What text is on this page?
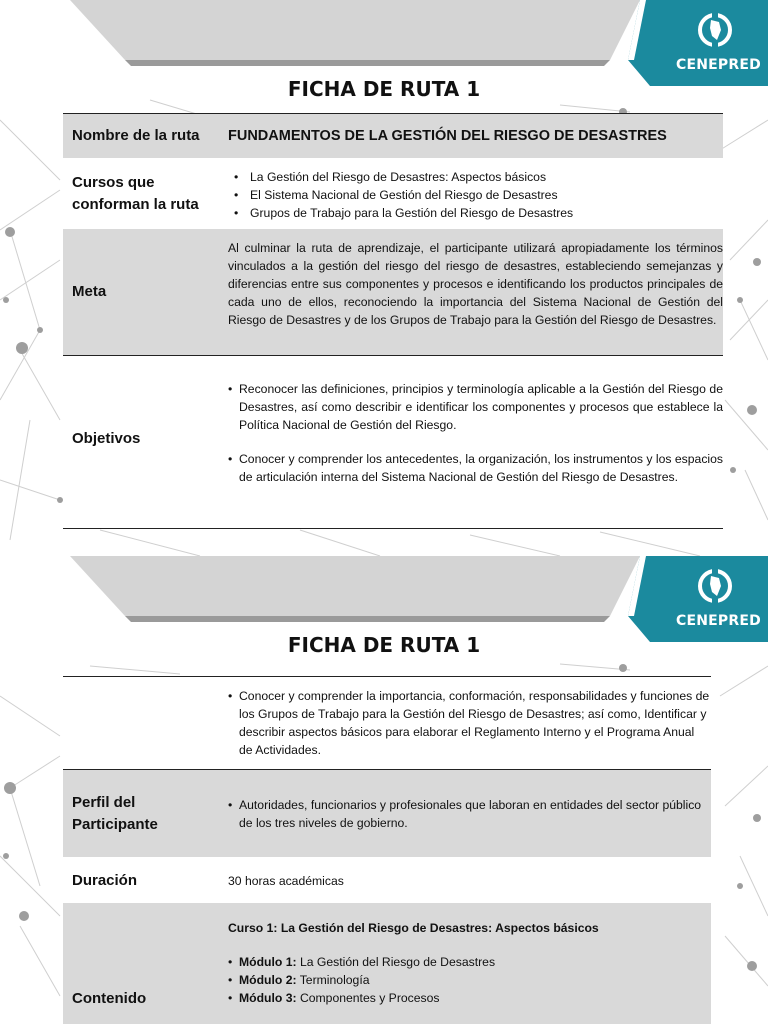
CENEPRED
FICHA DE RUTA 1
Nombre de la ruta FUNDAMENTOS DE LA GESTIÓN DEL RIESGO DE DESASTRES
Cursos que conforman la ruta
• La Gestión del Riesgo de Desastres: Aspectos básicos
• El Sistema Nacional de Gestión del Riesgo de Desastres
• Grupos de Trabajo para la Gestión del Riesgo de Desastres
Meta
Al culminar la ruta de aprendizaje, el participante utilizará apropiadamente los términos vinculados a la gestión del riesgo del riesgo de desastres, estableciendo semejanzas y diferencias entre sus componentes y procesos e identificando los productos principales de cada uno de ellos, reconociendo la importancia del Sistema Nacional de Gestión del Riesgo de Desastres y de los Grupos de Trabajo para la Gestión del Riesgo de Desastres.
Objetivos
• Reconocer las definiciones, principios y terminología aplicable a la Gestión del Riesgo de Desastres, así como describir e identificar los componentes y procesos que establece la Política Nacional de Gestión del Riesgo.
• Conocer y comprender los antecedentes, la organización, los instrumentos y los espacios de articulación interna del Sistema Nacional de Gestión del Riesgo de Desastres.
CENEPRED
FICHA DE RUTA 1
• Conocer y comprender la importancia, conformación, responsabilidades y funciones de los Grupos de Trabajo para la Gestión del Riesgo de Desastres; así como, Identificar y describir aspectos básicos para elaborar el Reglamento Interno y el Programa Anual de Actividades.
Perfil del Participante
• Autoridades, funcionarios y profesionales que laboran en entidades del sector público de los tres niveles de gobierno.
Duración	30 horas académicas
Contenido
Curso 1: La Gestión del Riesgo de Desastres: Aspectos básicos
• Módulo 1: La Gestión del Riesgo de Desastres
• Módulo 2: Terminología
• Módulo 3: Componentes y Procesos
